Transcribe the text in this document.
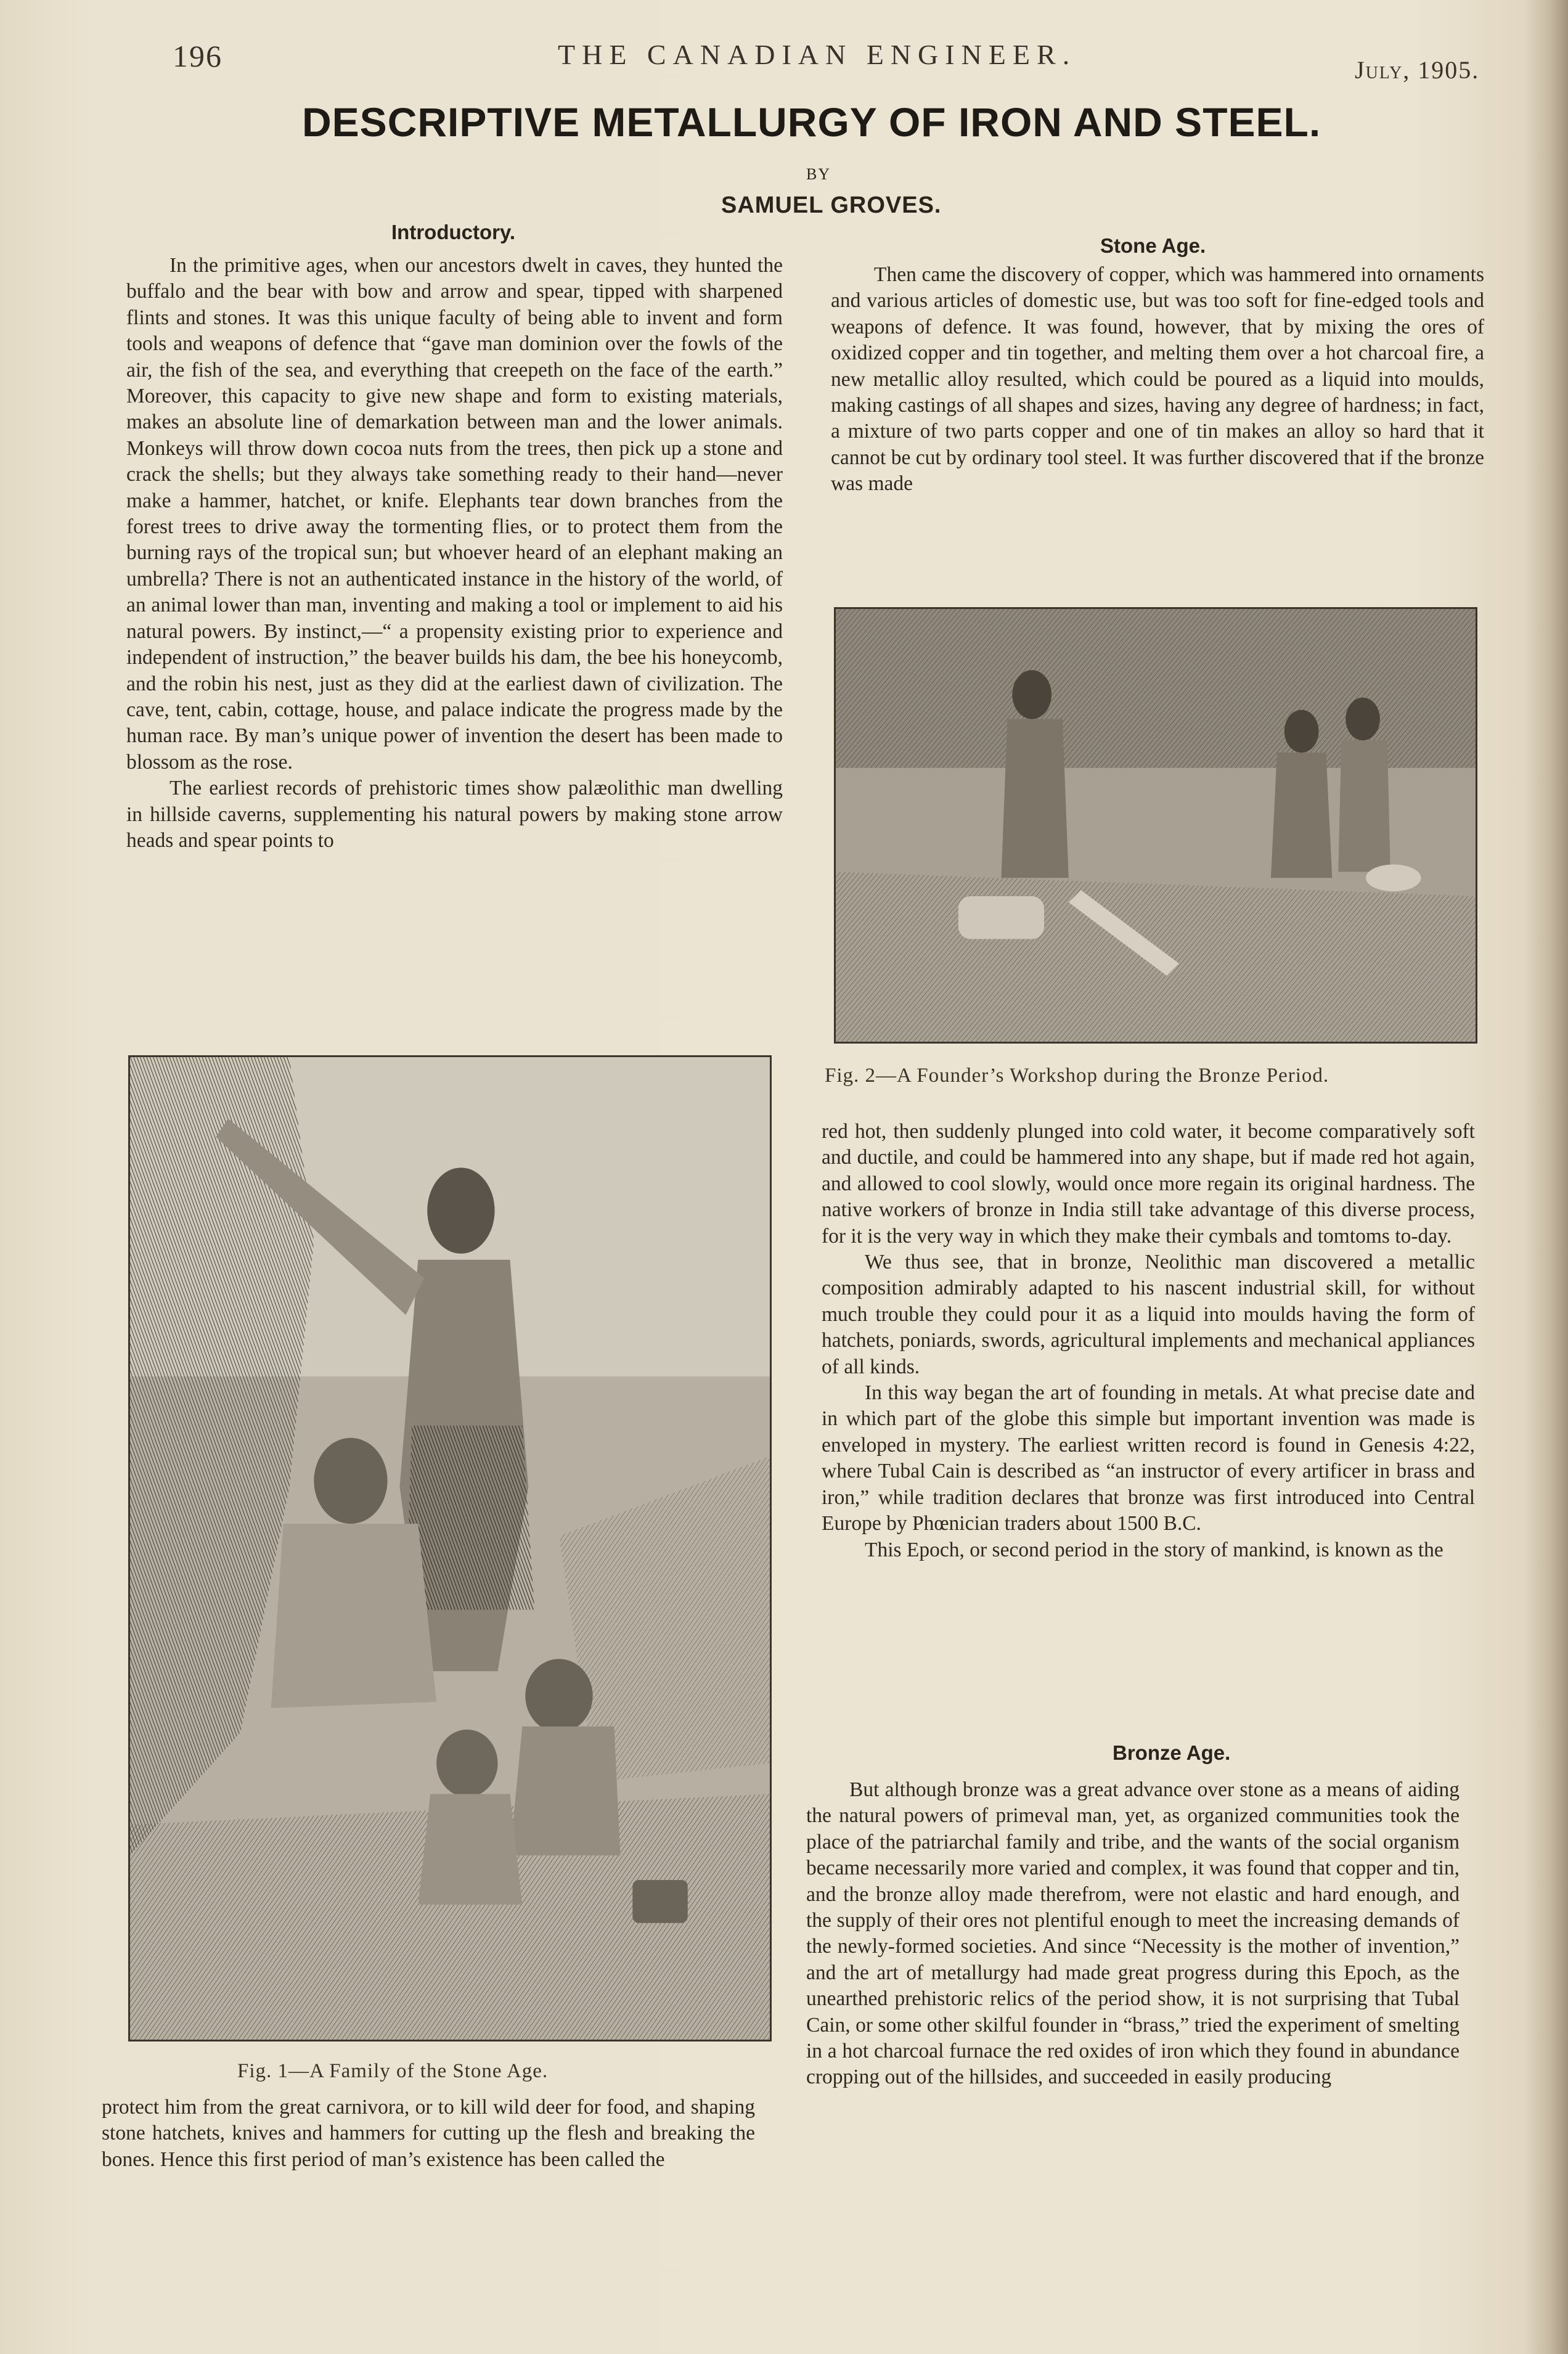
196	THE CANADIAN ENGINEER.	July, 1905.
DESCRIPTIVE METALLURGY OF IRON AND STEEL.
BY
SAMUEL GROVES.
Introductory.

In the primitive ages, when our ancestors dwelt in caves, they hunted the buffalo and the bear with bow and arrow and spear, tipped with sharpened flints and stones. It was this unique faculty of being able to invent and form tools and weapons of defence that “gave man dominion over the fowls of the air, the fish of the sea, and everything that creepeth on the face of the earth.” Moreover, this capacity to give new shape and form to existing materials, makes an absolute line of demarkation between man and the lower animals. Monkeys will throw down cocoa nuts from the trees, then pick up a stone and crack the shells; but they always take something ready to their hand—never make a hammer, hatchet, or knife. Elephants tear down branches from the forest trees to drive away the tormenting flies, or to protect them from the burning rays of the tropical sun; but whoever heard of an elephant making an umbrella? There is not an authenticated instance in the history of the world, of an animal lower than man, inventing and making a tool or implement to aid his natural powers. By instinct,—“ a propensity existing prior to experience and independent of instruction,” the beaver builds his dam, the bee his honeycomb, and the robin his nest, just as they did at the earliest dawn of civilization. The cave, tent, cabin, cottage, house, and palace indicate the progress made by the human race. By man’s unique power of invention the desert has been made to blossom as the rose.

The earliest records of prehistoric times show palæolithic man dwelling in hillside caverns, supplementing his natural powers by making stone arrow heads and spear points to

Fig. 1—A Family of the Stone Age.

protect him from the great carnivora, or to kill wild deer for food, and shaping stone hatchets, knives and hammers for cutting up the flesh and breaking the bones. Hence this first period of man’s existence has been called the

Stone Age.

Then came the discovery of copper, which was hammered into ornaments and various articles of domestic use, but was too soft for fine-edged tools and weapons of defence. It was found, however, that by mixing the ores of oxidized copper and tin together, and melting them over a hot charcoal fire, a new metallic alloy resulted, which could be poured as a liquid into moulds, making castings of all shapes and sizes, having any degree of hardness; in fact, a mixture of two parts copper and one of tin makes an alloy so hard that it cannot be cut by ordinary tool steel. It was further discovered that if the bronze was made

Fig. 2—A Founder’s Workshop during the Bronze Period.

red hot, then suddenly plunged into cold water, it become comparatively soft and ductile, and could be hammered into any shape, but if made red hot again, and allowed to cool slowly, would once more regain its original hardness. The native workers of bronze in India still take advantage of this diverse process, for it is the very way in which they make their cymbals and tomtoms to-day.

We thus see, that in bronze, Neolithic man discovered a metallic composition admirably adapted to his nascent industrial skill, for without much trouble they could pour it as a liquid into moulds having the form of hatchets, poniards, swords, agricultural implements and mechanical appliances of all kinds.

In this way began the art of founding in metals. At what precise date and in which part of the globe this simple but important invention was made is enveloped in mystery. The earliest written record is found in Genesis 4:22, where Tubal Cain is described as “an instructor of every artificer in brass and iron,” while tradition declares that bronze was first introduced into Central Europe by Phœnician traders about 1500 B.C.

This Epoch, or second period in the story of mankind, is known as the

Bronze Age.

But although bronze was a great advance over stone as a means of aiding the natural powers of primeval man, yet, as organized communities took the place of the patriarchal family and tribe, and the wants of the social organism became necessarily more varied and complex, it was found that copper and tin, and the bronze alloy made therefrom, were not elastic and hard enough, and the supply of their ores not plentiful enough to meet the increasing demands of the newly-formed societies. And since “Necessity is the mother of invention,” and the art of metallurgy had made great progress during this Epoch, as the unearthed prehistoric relics of the period show, it is not surprising that Tubal Cain, or some other skilful founder in “brass,” tried the experiment of smelting in a hot charcoal furnace the red oxides of iron which they found in abundance cropping out of the hillsides, and succeeded in easily producing
